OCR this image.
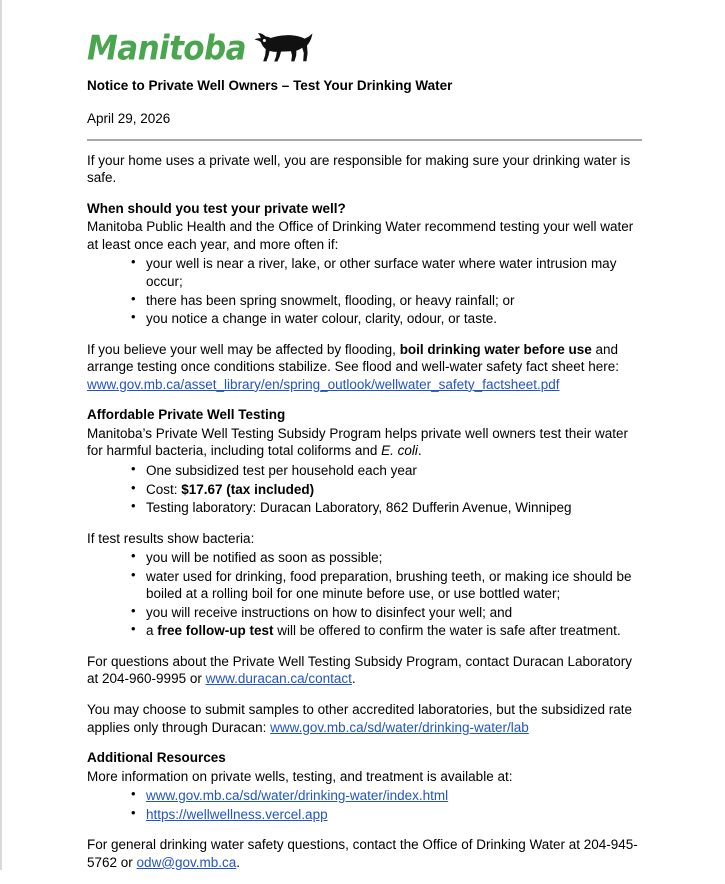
Manitoba
Notice to Private Well Owners – Test Your Drinking Water
April 29, 2026

If your home uses a private well, you are responsible for making sure your drinking water is safe.

When should you test your private well?

Manitoba Public Health and the Office of Drinking Water recommend testing your well water at least once each year, and more often if:

• your well is near a river, lake, or other surface water where water intrusion may occur;
• there has been spring snowmelt, flooding, or heavy rainfall; or
• you notice a change in water colour, clarity, odour, or taste.

If you believe your well may be affected by flooding, boil drinking water before use and arrange testing once conditions stabilize. See flood and well-water safety fact sheet here: www.gov.mb.ca/asset_library/en/spring_outlook/wellwater_safety_factsheet.pdf

Affordable Private Well Testing

Manitoba’s Private Well Testing Subsidy Program helps private well owners test their water for harmful bacteria, including total coliforms and E. coli.

• One subsidized test per household each year
• Cost: $17.67 (tax included)
• Testing laboratory: Duracan Laboratory, 862 Dufferin Avenue, Winnipeg

If test results show bacteria:

• you will be notified as soon as possible;
• water used for drinking, food preparation, brushing teeth, or making ice should be boiled at a rolling boil for one minute before use, or use bottled water;
• you will receive instructions on how to disinfect your well; and
• a free follow-up test will be offered to confirm the water is safe after treatment.

For questions about the Private Well Testing Subsidy Program, contact Duracan Laboratory at 204-960-9995 or www.duracan.ca/contact.

You may choose to submit samples to other accredited laboratories, but the subsidized rate applies only through Duracan: www.gov.mb.ca/sd/water/drinking-water/lab

Additional Resources

More information on private wells, testing, and treatment is available at:

• www.gov.mb.ca/sd/water/drinking-water/index.html
• https://wellwellness.vercel.app

For general drinking water safety questions, contact the Office of Drinking Water at 204-945-5762 or odw@gov.mb.ca.
